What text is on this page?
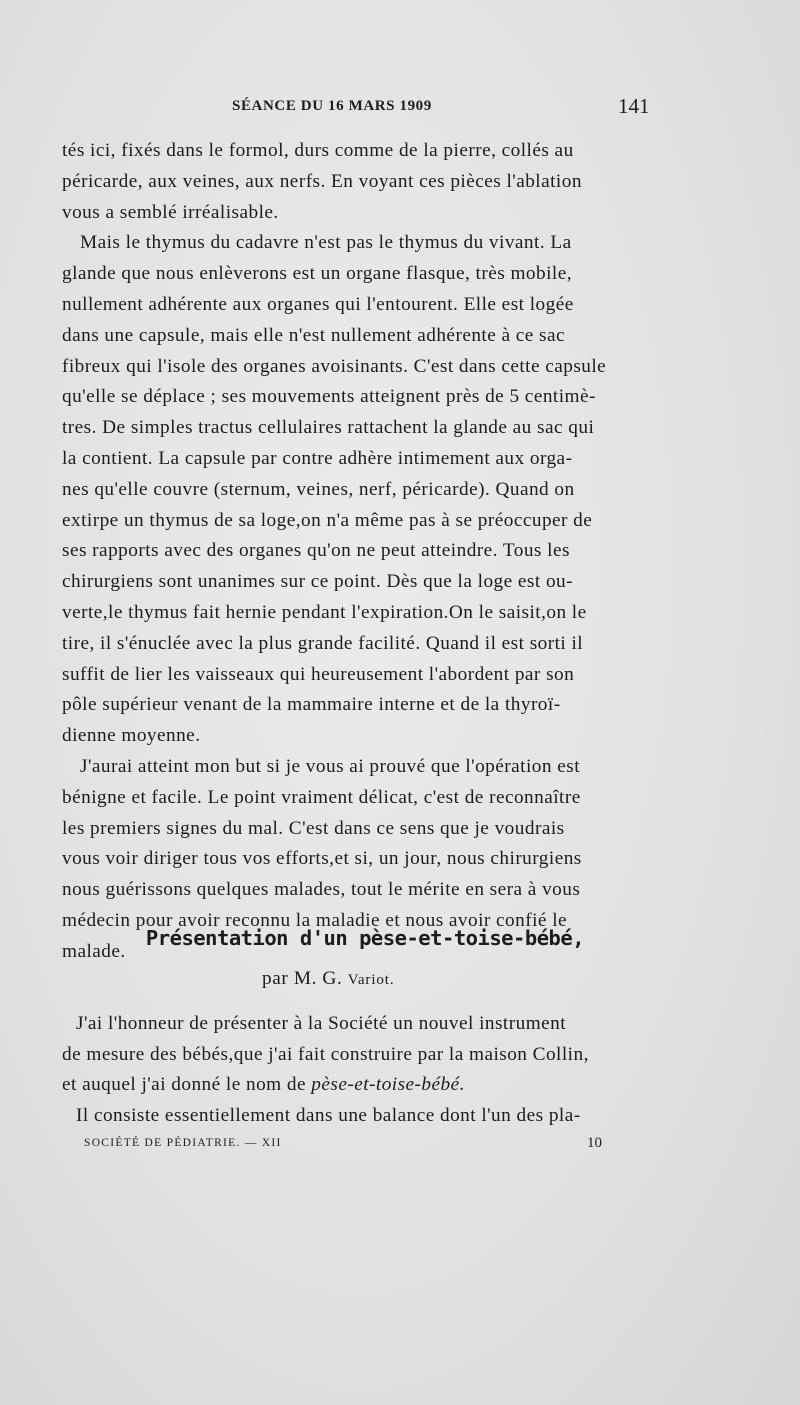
SÉANCE DU 16 MARS 1909	141

tés ici, fixés dans le formol, durs comme de la pierre, collés au
péricarde, aux veines, aux nerfs. En voyant ces pièces l'ablation
vous a semblé irréalisable.

Mais le thymus du cadavre n'est pas le thymus du vivant. La
glande que nous enlèverons est un organe flasque, très mobile,
nullement adhérente aux organes qui l'entourent. Elle est logée
dans une capsule, mais elle n'est nullement adhérente à ce sac
fibreux qui l'isole des organes avoisinants. C'est dans cette capsule
qu'elle se déplace ; ses mouvements atteignent près de 5 centimè-
tres. De simples tractus cellulaires rattachent la glande au sac qui
la contient. La capsule par contre adhère intimement aux orga-
nes qu'elle couvre (sternum, veines, nerf, péricarde). Quand on
extirpe un thymus de sa loge,on n'a même pas à se préoccuper de
ses rapports avec des organes qu'on ne peut atteindre. Tous les
chirurgiens sont unanimes sur ce point. Dès que la loge est ou-
verte,le thymus fait hernie pendant l'expiration.On le saisit,on le
tire, il s'énuclée avec la plus grande facilité. Quand il est sorti il
suffit de lier les vaisseaux qui heureusement l'abordent par son
pôle supérieur venant de la mammaire interne et de la thyroï-
dienne moyenne.

J'aurai atteint mon but si je vous ai prouvé que l'opération est
bénigne et facile. Le point vraiment délicat, c'est de reconnaître
les premiers signes du mal. C'est dans ce sens que je voudrais
vous voir diriger tous vos efforts,et si, un jour, nous chirurgiens
nous guérissons quelques malades, tout le mérite en sera à vous
médecin pour avoir reconnu la maladie et nous avoir confié le
malade.

Présentation d'un pèse-et-toise-bébé,
par M. G. Variot.

J'ai l'honneur de présenter à la Société un nouvel instrument
de mesure des bébés,que j'ai fait construire par la maison Collin,
et auquel j'ai donné le nom de pèse-et-toise-bébé.

Il consiste essentiellement dans une balance dont l'un des pla-

SOCIÉTÉ DE PÉDIATRIE. — XII	10
